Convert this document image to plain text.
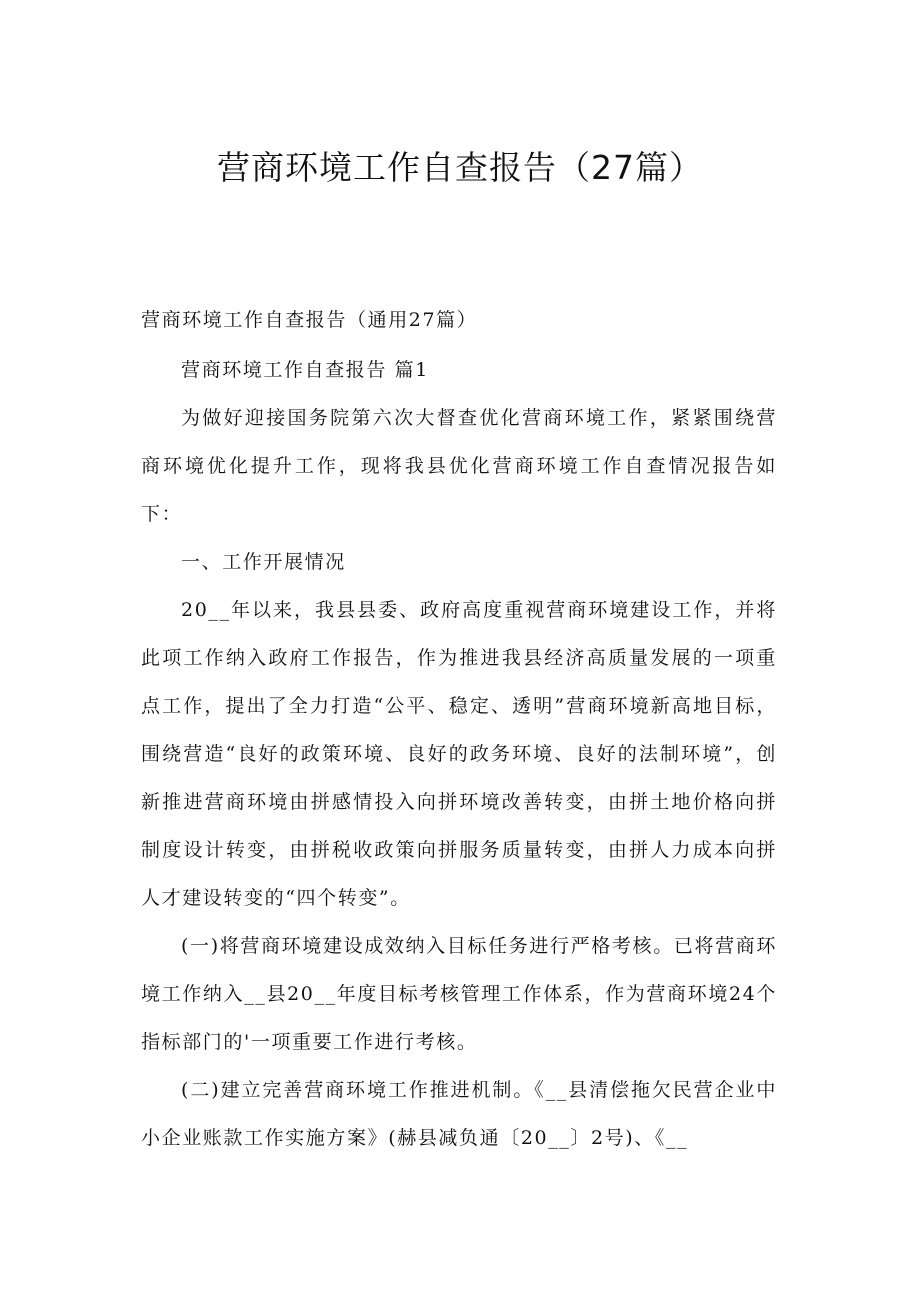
营商环境工作自查报告（27篇）

营商环境工作自查报告（通用27篇）

营商环境工作自查报告 篇1

为做好迎接国务院第六次大督查优化营商环境工作，紧紧围绕营商环境优化提升工作，现将我县优化营商环境工作自查情况报告如下：

一、工作开展情况

20__年以来，我县县委、政府高度重视营商环境建设工作，并将此项工作纳入政府工作报告，作为推进我县经济高质量发展的一项重点工作，提出了全力打造“公平、稳定、透明”营商环境新高地目标，围绕营造“良好的政策环境、良好的政务环境、良好的法制环境”，创新推进营商环境由拼感情投入向拼环境改善转变，由拼土地价格向拼制度设计转变，由拼税收政策向拼服务质量转变，由拼人力成本向拼人才建设转变的“四个转变”。

(一)将营商环境建设成效纳入目标任务进行严格考核。已将营商环境工作纳入__县20__年度目标考核管理工作体系，作为营商环境24个指标部门的'一项重要工作进行考核。

(二)建立完善营商环境工作推进机制。《__县清偿拖欠民营企业中小企业账款工作实施方案》(赫县减负通〔20__〕2号)、《__
